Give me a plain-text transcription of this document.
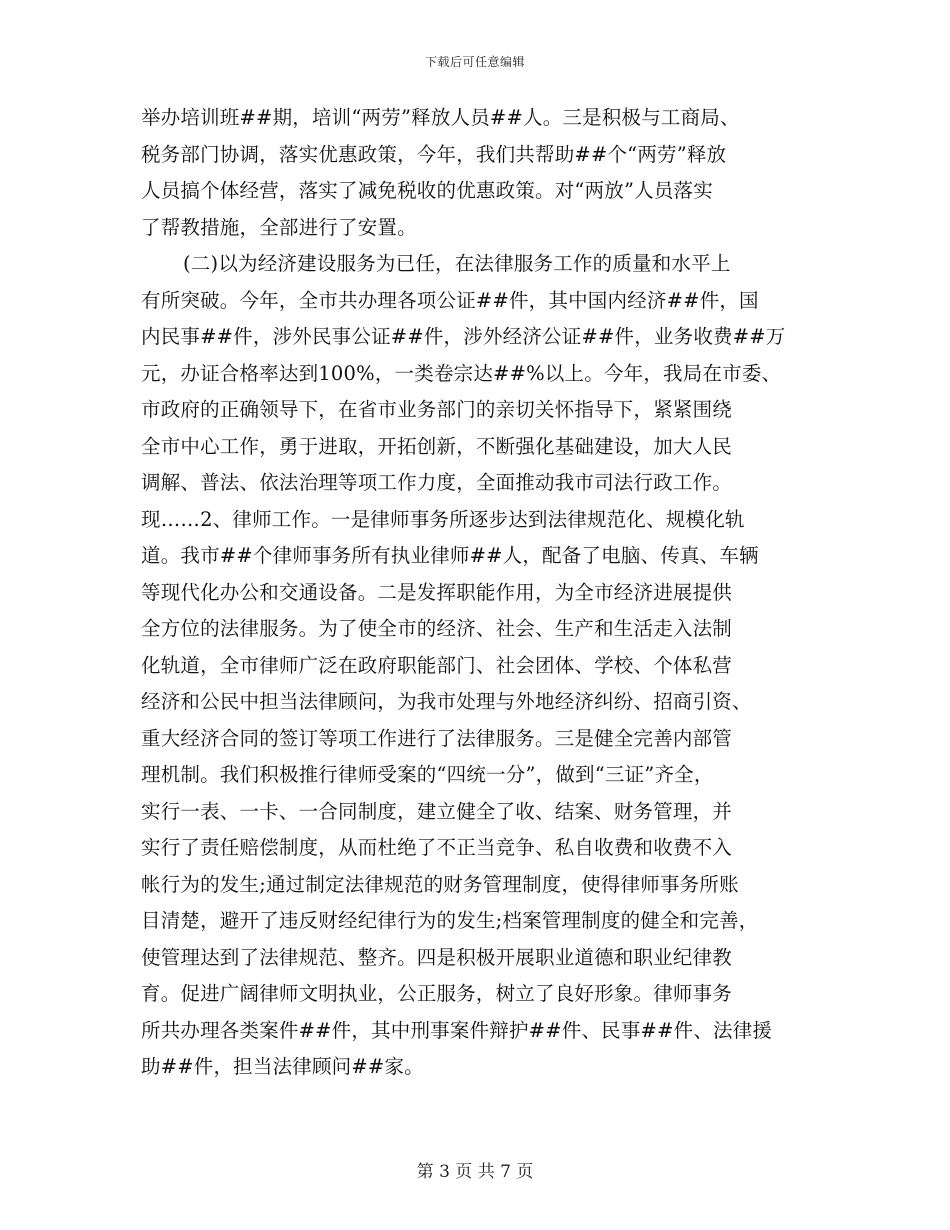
下载后可任意编辑
举办培训班##期，培训“两劳”释放人员##人。三是积极与工商局、
税务部门协调，落实优惠政策，今年，我们共帮助##个“两劳”释放
人员搞个体经营，落实了减免税收的优惠政策。对“两放”人员落实
了帮教措施，全部进行了安置。
(二)以为经济建设服务为已任，在法律服务工作的质量和水平上
有所突破。今年，全市共办理各项公证##件，其中国内经济##件，国
内民事##件，涉外民事公证##件，涉外经济公证##件，业务收费##万
元，办证合格率达到100%，一类卷宗达##%以上。今年，我局在市委、
市政府的正确领导下，在省市业务部门的亲切关怀指导下，紧紧围绕
全市中心工作，勇于进取，开拓创新，不断强化基础建设，加大人民
调解、普法、依法治理等项工作力度，全面推动我市司法行政工作。
现……2、律师工作。一是律师事务所逐步达到法律规范化、规模化轨
道。我市##个律师事务所有执业律师##人，配备了电脑、传真、车辆
等现代化办公和交通设备。二是发挥职能作用，为全市经济进展提供
全方位的法律服务。为了使全市的经济、社会、生产和生活走入法制
化轨道，全市律师广泛在政府职能部门、社会团体、学校、个体私营
经济和公民中担当法律顾问，为我市处理与外地经济纠纷、招商引资、
重大经济合同的签订等项工作进行了法律服务。三是健全完善内部管
理机制。我们积极推行律师受案的“四统一分”，做到“三证”齐全，
实行一表、一卡、一合同制度，建立健全了收、结案、财务管理，并
实行了责任赔偿制度，从而杜绝了不正当竞争、私自收费和收费不入
帐行为的发生;通过制定法律规范的财务管理制度，使得律师事务所账
目清楚，避开了违反财经纪律行为的发生;档案管理制度的健全和完善，
使管理达到了法律规范、整齐。四是积极开展职业道德和职业纪律教
育。促进广阔律师文明执业，公正服务，树立了良好形象。律师事务
所共办理各类案件##件，其中刑事案件辩护##件、民事##件、法律援
助##件，担当法律顾问##家。
第 3 页 共 7 页
